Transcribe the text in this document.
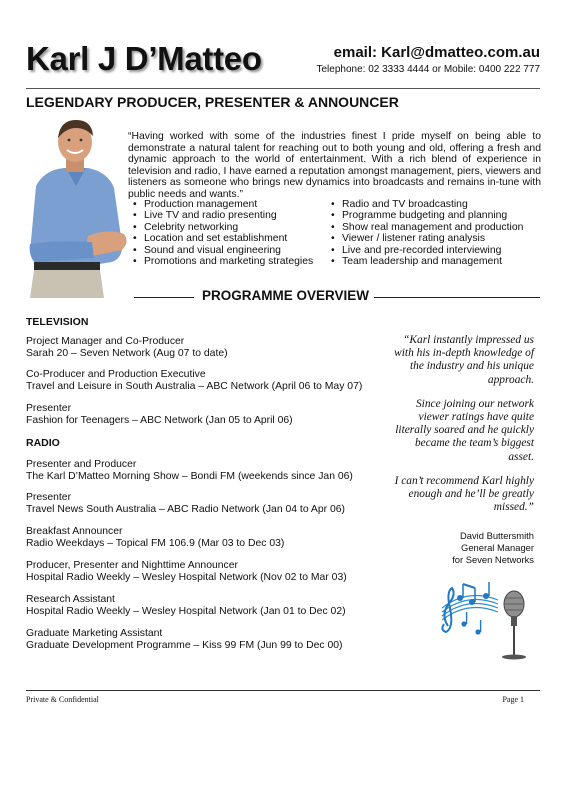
Karl J D’Matteo	email: Karl@dmatteo.com.au
Telephone: 02 3333 4444 or Mobile: 0400 222 777
LEGENDARY PRODUCER, PRESENTER & ANNOUNCER
“Having worked with some of the industries finest I pride myself on being able to demonstrate a natural talent for reaching out to both young and old, offering a fresh and dynamic approach to the world of entertainment. With a rich blend of experience in television and radio, I have earned a reputation amongst management, piers, viewers and listeners as someone who brings new dynamics into broadcasts and remains in-tune with public needs and wants.”
• Production management
• Live TV and radio presenting
• Celebrity networking
• Location and set establishment
• Sound and visual engineering
• Promotions and marketing strategies
• Radio and TV broadcasting
• Programme budgeting and planning
• Show real management and production
• Viewer / listener rating analysis
• Live and pre-recorded interviewing
• Team leadership and management
PROGRAMME OVERVIEW
TELEVISION
Project Manager and Co-Producer
Sarah 20 – Seven Network (Aug 07 to date)
Co-Producer and Production Executive
Travel and Leisure in South Australia – ABC Network (April 06 to May 07)
Presenter
Fashion for Teenagers – ABC Network (Jan 05 to April 06)
RADIO
Presenter and Producer
The Karl D’Matteo Morning Show – Bondi FM (weekends since Jan 06)
Presenter
Travel News South Australia – ABC Radio Network (Jan 04 to Apr 06)
Breakfast Announcer
Radio Weekdays – Topical FM 106.9 (Mar 03 to Dec 03)
Producer, Presenter and Nighttime Announcer
Hospital Radio Weekly – Wesley Hospital Network (Nov 02 to Mar 03)
Research Assistant
Hospital Radio Weekly – Wesley Hospital Network (Jan 01 to Dec 02)
Graduate Marketing Assistant
Graduate Development Programme – Kiss 99 FM (Jun 99 to Dec 00)

“Karl instantly impressed us with his in-depth knowledge of the industry and his unique approach.

Since joining our network viewer ratings have quite literally soared and he quickly became the team’s biggest asset.

I can’t recommend Karl highly enough and he’ll be greatly missed.”

David Buttersmith
General Manager
for Seven Networks
Private & Confidential	Page 1
